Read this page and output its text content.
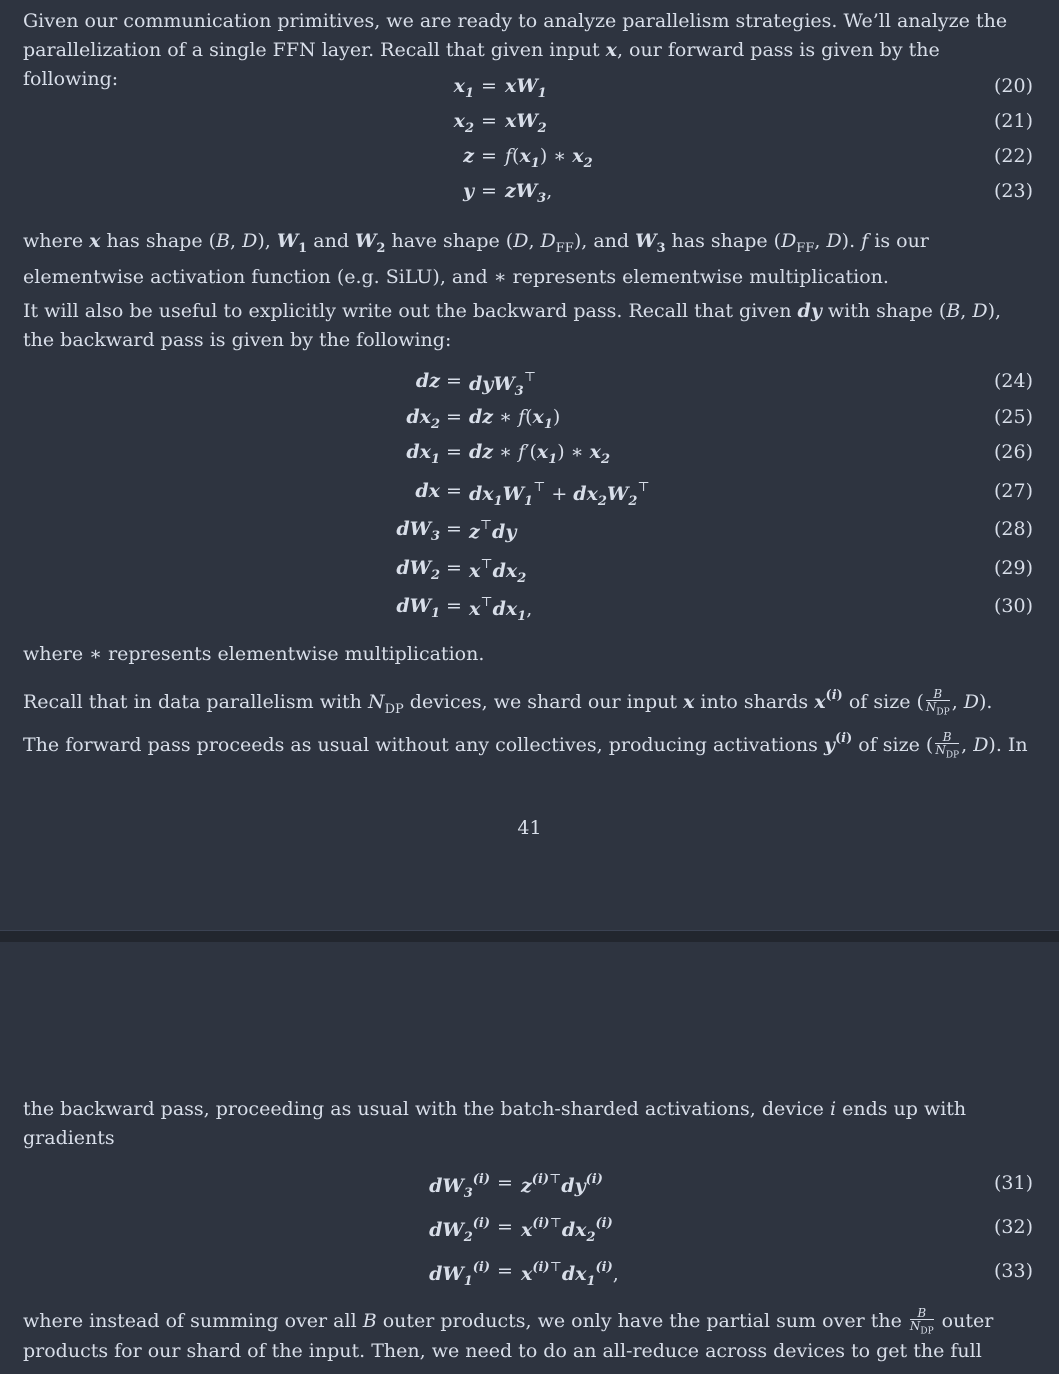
Given our communication primitives, we are ready to analyze parallelism strategies. We’ll analyze the
parallelization of a single FFN layer. Recall that given input x, our forward pass is given by the following:	$x_1 = xW_1$	(20)
$x_2 = xW_2$	(21)
$z = f(x_1)$ ∗ $x_2$	(22)
$y = zW_3$,	(23)

where x has shape (B, D), $W_1$ and $W_2$ have shape (D, $D_{FF}$), and $W_3$ has shape ($D_{FF}$, D). f is our
elementwise activation function (e.g. SiLU), and ∗ represents elementwise multiplication.

It will also be useful to explicitly write out the backward pass. Recall that given dy with shape (B, D),
the backward pass is given by the following:

dz = dyW$_3$⊤	(24)
$dx_2$ = dz ∗ $f(x_1)$	(25)
$dx_1$ = dz ∗ $f'(x_1)$ ∗ $x_2$	(26)
dx = $dx_1W_1^⊤ + dx_2W_2^⊤$	(27)
$dW_3 = z^⊤dy$	(28)
$dW_2 = x^⊤dx_2$	(29)
$dW_1 = x^⊤dx_1$,	(30)

where ∗ represents elementwise multiplication.

Recall that in data parallelism with $N_{DP}$ devices, we shard our input x into shards $x^{(i)}$ of size ( $\frac{B}{N_{DP}}$ , D).
The forward pass proceeds as usual without any collectives, producing activations $y^{(i)}$ of size ( $\frac{B}{N_{DP}}$ , D). In

41

the backward pass, proceeding as usual with the batch-sharded activations, device i ends up with
gradients

$dW_3^{(i)} = z^{(i)⊤}dy^{(i)}$	(31)
$dW_2^{(i)} = x^{(i)⊤}dx_2^{(i)}$	(32)
$dW_1^{(i)} = x^{(i)⊤}dx_1^{(i)}$,	(33)

where instead of summing over all B outer products, we only have the partial sum over the $\frac{B}{N_{DP}}$ outer
products for our shard of the input. Then, we need to do an all-reduce across devices to get the full
